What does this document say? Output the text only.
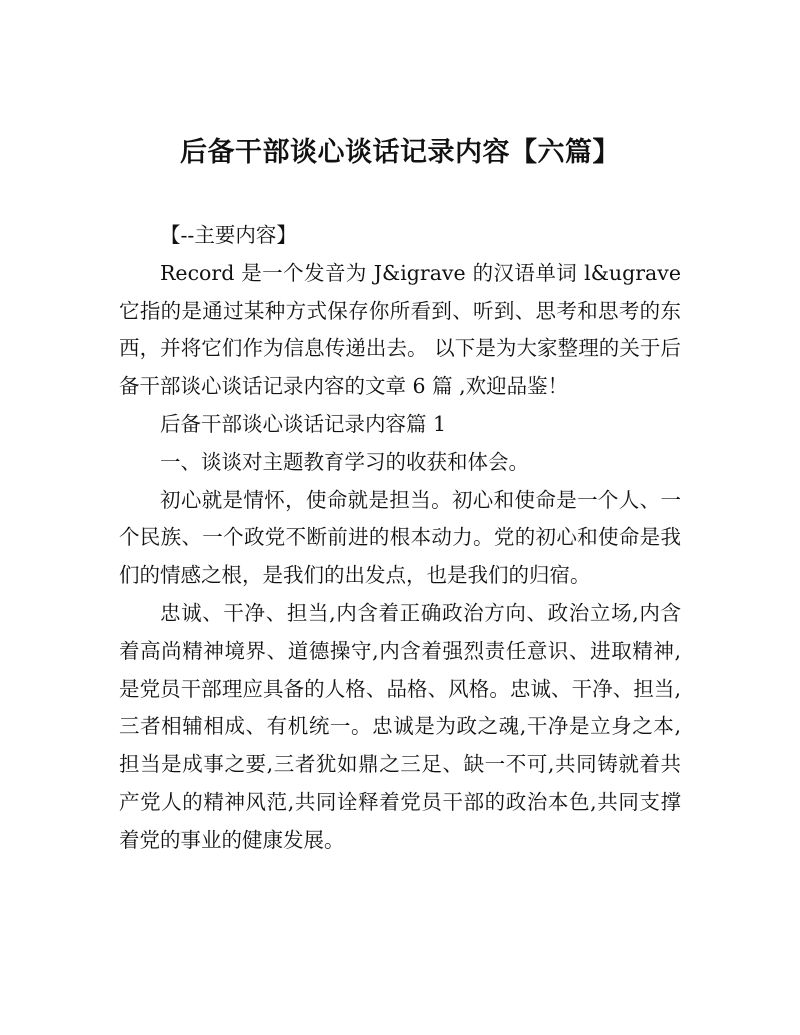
后备干部谈心谈话记录内容【六篇】

【--主要内容】

Record 是一个发音为 J&igrave 的汉语单词 l&ugrave 它指的是通过某种方式保存你所看到、听到、思考和思考的东西，并将它们作为信息传递出去。 以下是为大家整理的关于后备干部谈心谈话记录内容的文章 6 篇 ,欢迎品鉴！

后备干部谈心谈话记录内容篇 1

一、谈谈对主题教育学习的收获和体会。

初心就是情怀，使命就是担当。初心和使命是一个人、一个民族、一个政党不断前进的根本动力。党的初心和使命是我们的情感之根，是我们的出发点，也是我们的归宿。

忠诚、干净、担当,内含着正确政治方向、政治立场,内含着高尚精神境界、道德操守,内含着强烈责任意识、进取精神,是党员干部理应具备的人格、品格、风格。忠诚、干净、担当,三者相辅相成、有机统一。忠诚是为政之魂,干净是立身之本,担当是成事之要,三者犹如鼎之三足、缺一不可,共同铸就着共产党人的精神风范,共同诠释着党员干部的政治本色,共同支撑着党的事业的健康发展。
